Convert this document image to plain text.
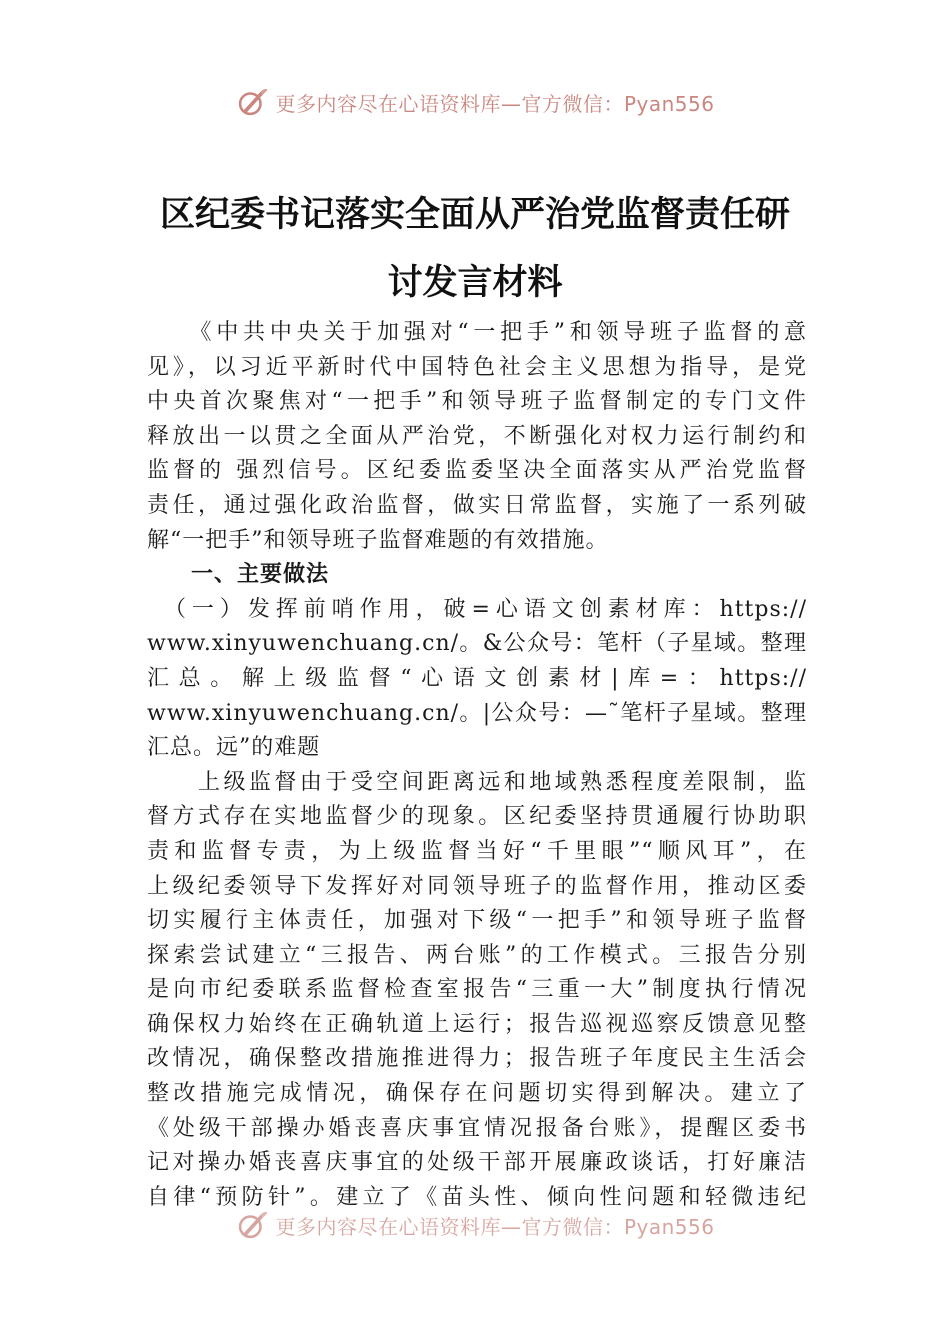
更多内容尽在心语资料库—官方微信：Pyan556
区纪委书记落实全面从严治党监督责任研
讨发言材料
　　《中共中央关于加强对“一把手”和领导班子监督的意
见》，以习近平新时代中国特色社会主义思想为指导，是党
中央首次聚焦对“一把手”和领导班子监督制定的专门文件
释放出一以贯之全面从严治党，不断强化对权力运行制约和
监督的 强烈信号。区纪委监委坚决全面落实从严治党监督
责任，通过强化政治监督，做实日常监督，实施了一系列破
解“一把手”和领导班子监督难题的有效措施。
一、主要做法
　（一）发挥前哨作用，破=心语文创素材库：https://
www.xinyuwenchuang.cn/。&公众号：笔杆（子星域。整理
汇总。解上级监督“心语文创素材|库=：https://
www.xinyuwenchuang.cn/。|公众号：—˜笔杆子星域。整理
汇总。远”的难题
　　上级监督由于受空间距离远和地域熟悉程度差限制，监
督方式存在实地监督少的现象。区纪委坚持贯通履行协助职
责和监督专责，为上级监督当好“千里眼”“顺风耳”，在
上级纪委领导下发挥好对同领导班子的监督作用，推动区委
切实履行主体责任，加强对下级“一把手”和领导班子监督
探索尝试建立“三报告、两台账”的工作模式。三报告分别
是向市纪委联系监督检查室报告“三重一大”制度执行情况
确保权力始终在正确轨道上运行；报告巡视巡察反馈意见整
改情况，确保整改措施推进得力；报告班子年度民主生活会
整改措施完成情况，确保存在问题切实得到解决。建立了
《处级干部操办婚丧喜庆事宜情况报备台账》，提醒区委书
记对操办婚丧喜庆事宜的处级干部开展廉政谈话，打好廉洁
自律“预防针”。建立了《苗头性、倾向性问题和轻微违纪
更多内容尽在心语资料库—官方微信：Pyan556
